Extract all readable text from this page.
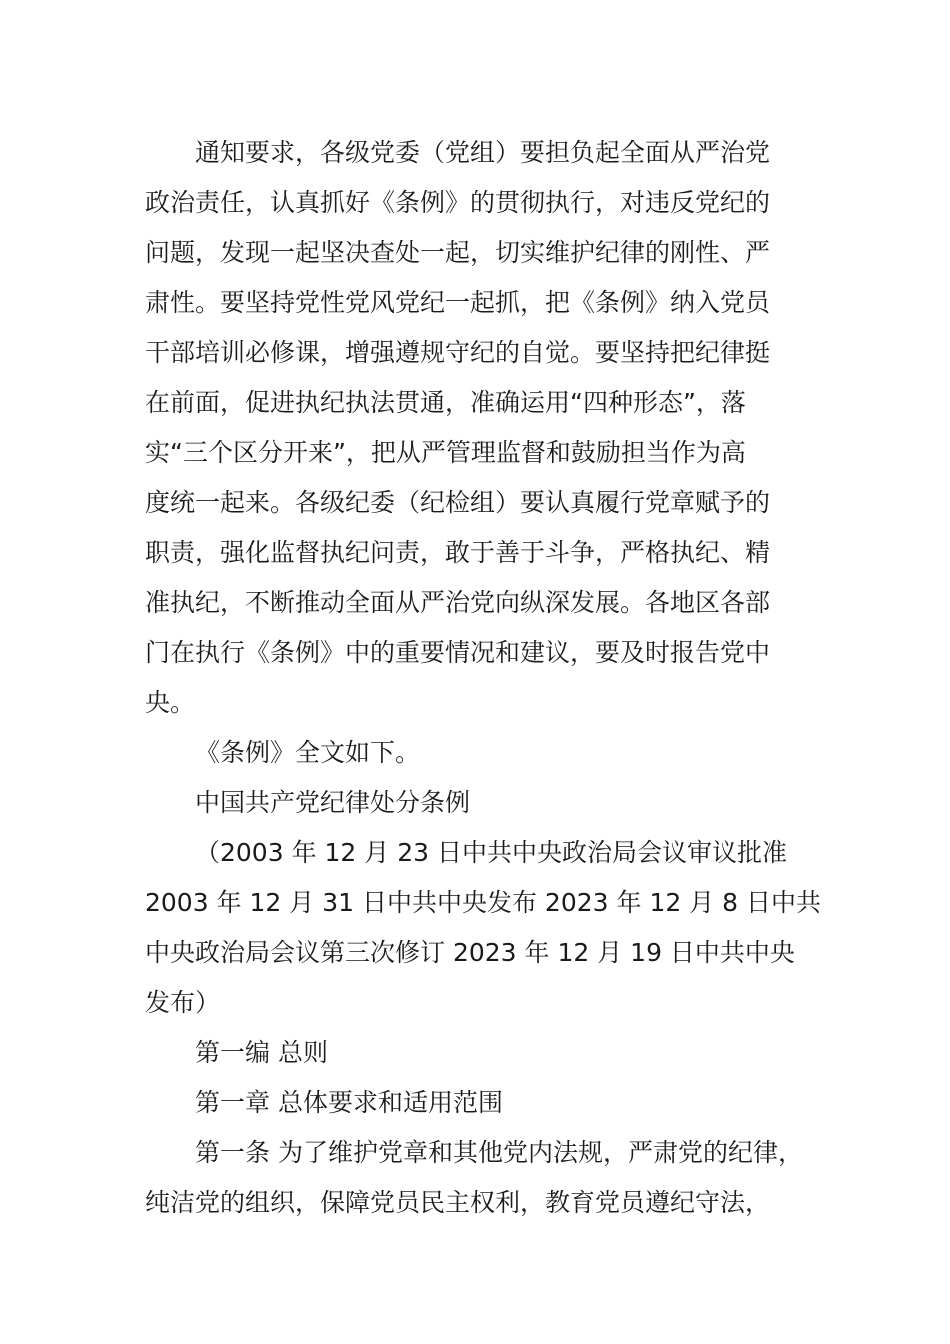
通知要求，各级党委（党组）要担负起全面从严治党
政治责任，认真抓好《条例》的贯彻执行，对违反党纪的
问题，发现一起坚决查处一起，切实维护纪律的刚性、严
肃性。要坚持党性党风党纪一起抓，把《条例》纳入党员
干部培训必修课，增强遵规守纪的自觉。要坚持把纪律挺
在前面，促进执纪执法贯通，准确运用“四种形态”，落
实“三个区分开来”，把从严管理监督和鼓励担当作为高
度统一起来。各级纪委（纪检组）要认真履行党章赋予的
职责，强化监督执纪问责，敢于善于斗争，严格执纪、精
准执纪，不断推动全面从严治党向纵深发展。各地区各部
门在执行《条例》中的重要情况和建议，要及时报告党中
央。
《条例》全文如下。
中国共产党纪律处分条例
（2003 年 12 月 23 日中共中央政治局会议审议批准
2003 年 12 月 31 日中共中央发布 2023 年 12 月 8 日中共
中央政治局会议第三次修订 2023 年 12 月 19 日中共中央
发布）
第一编 总则
第一章 总体要求和适用范围
第一条 为了维护党章和其他党内法规，严肃党的纪律，
纯洁党的组织，保障党员民主权利，教育党员遵纪守法，
